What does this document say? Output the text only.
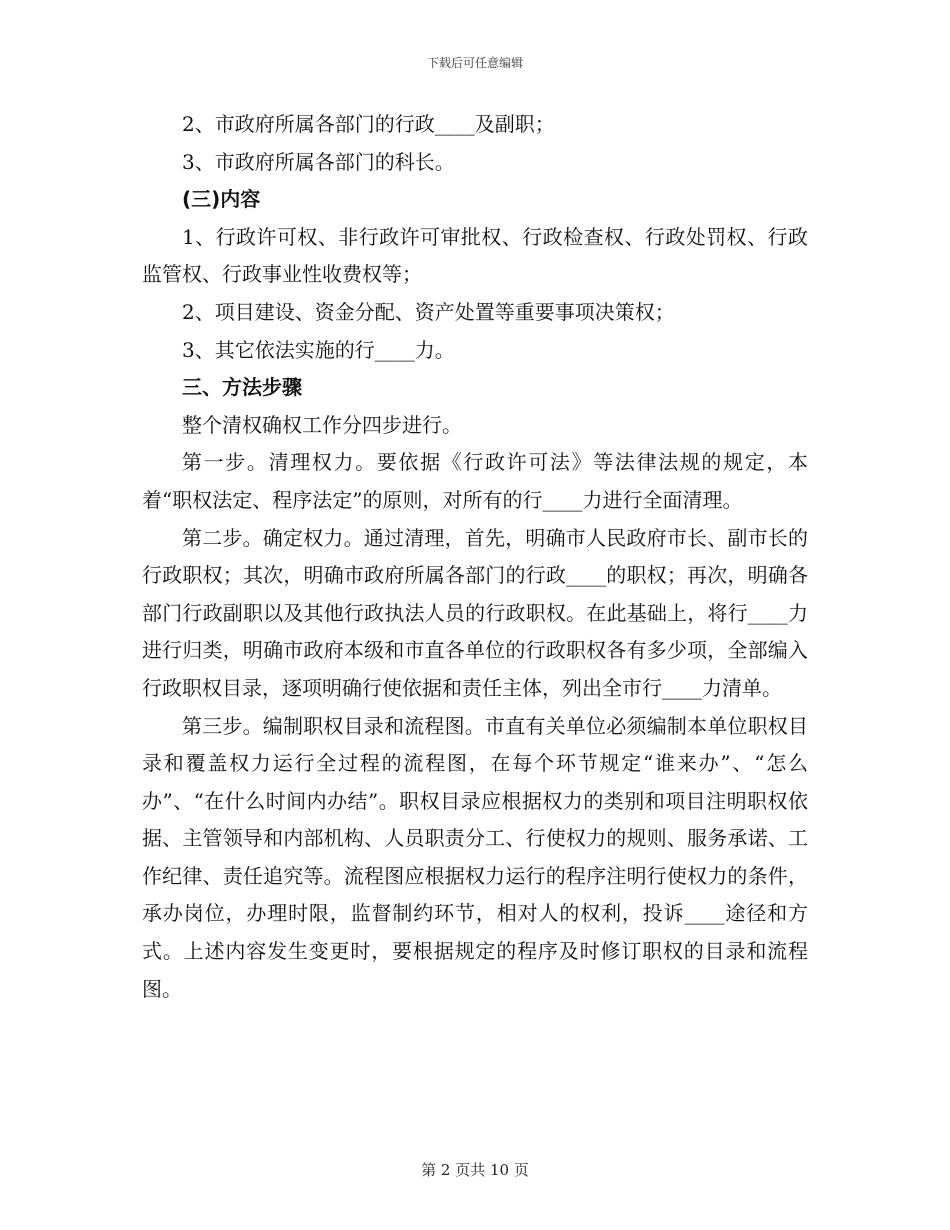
下载后可任意编辑

2、市政府所属各部门的行政____及副职；

3、市政府所属各部门的科长。

(三)内容

1、行政许可权、非行政许可审批权、行政检查权、行政处罚权、行政监管权、行政事业性收费权等；

2、项目建设、资金分配、资产处置等重要事项决策权；

3、其它依法实施的行____力。

三、方法步骤

整个清权确权工作分四步进行。

第一步。清理权力。要依据《行政许可法》等法律法规的规定，本着“职权法定、程序法定”的原则，对所有的行____力进行全面清理。

第二步。确定权力。通过清理，首先，明确市人民政府市长、副市长的行政职权；其次，明确市政府所属各部门的行政____的职权；再次，明确各部门行政副职以及其他行政执法人员的行政职权。在此基础上，将行____力进行归类，明确市政府本级和市直各单位的行政职权各有多少项，全部编入行政职权目录，逐项明确行使依据和责任主体，列出全市行____力清单。

第三步。编制职权目录和流程图。市直有关单位必须编制本单位职权目录和覆盖权力运行全过程的流程图，在每个环节规定“谁来办”、“怎么办”、“在什么时间内办结”。职权目录应根据权力的类别和项目注明职权依据、主管领导和内部机构、人员职责分工、行使权力的规则、服务承诺、工作纪律、责任追究等。流程图应根据权力运行的程序注明行使权力的条件，承办岗位，办理时限，监督制约环节，相对人的权利，投诉____途径和方式。上述内容发生变更时，要根据规定的程序及时修订职权的目录和流程图。

第 2 页共 10 页
